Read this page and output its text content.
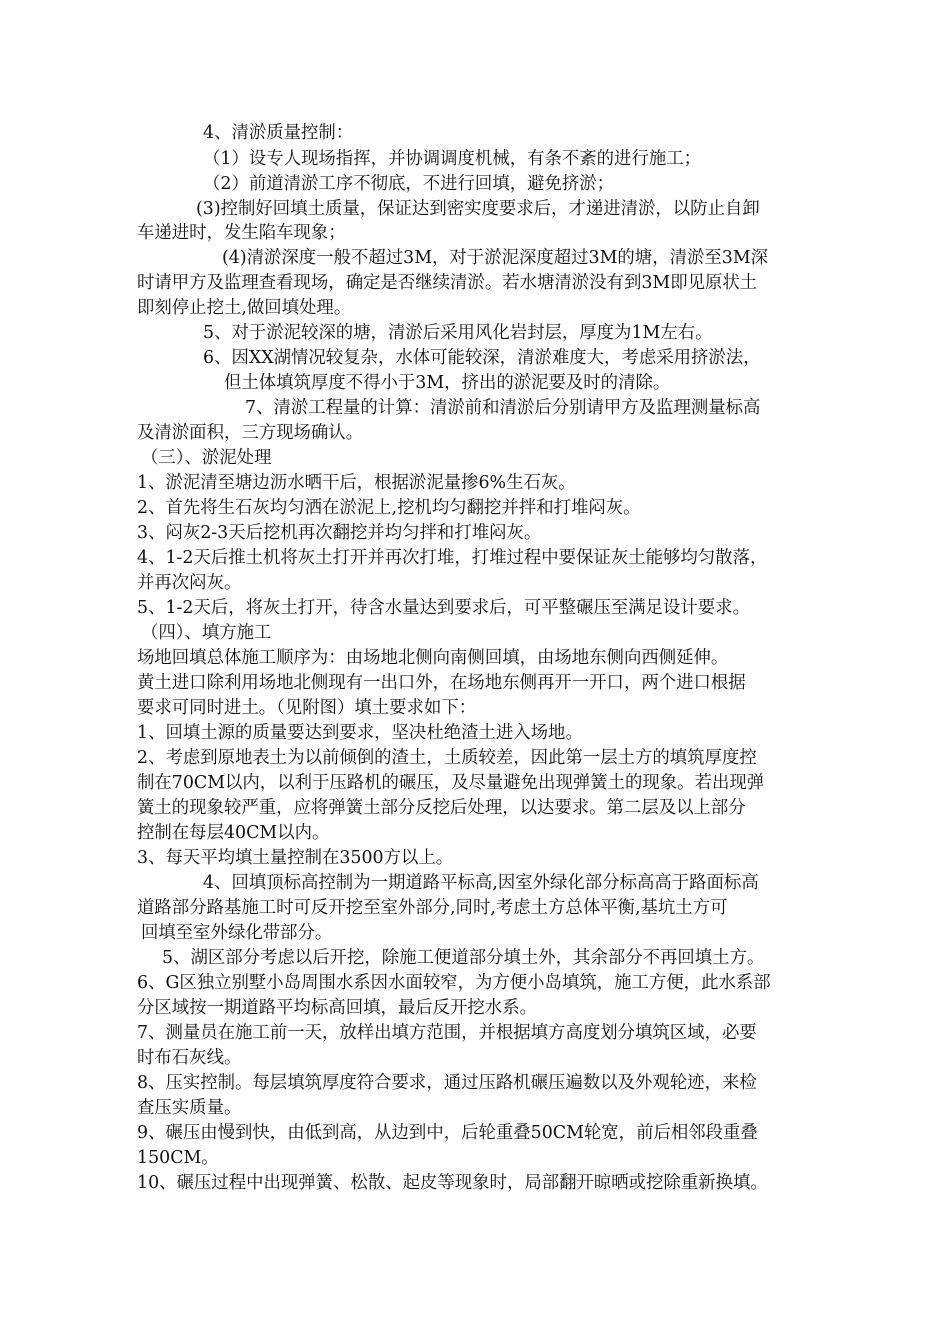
4、清淤质量控制：
（1）设专人现场指挥，并协调调度机械，有条不紊的进行施工；
（2）前道清淤工序不彻底，不进行回填，避免挤淤；
(3)控制好回填土质量，保证达到密实度要求后，才递进清淤，以防止自卸
车递进时，发生陷车现象；
(4)清淤深度一般不超过3M，对于淤泥深度超过3M的塘，清淤至3M深
时请甲方及监理查看现场，确定是否继续清淤。若水塘清淤没有到3M即见原状土
即刻停止挖土,做回填处理。
5、对于淤泥较深的塘，清淤后采用风化岩封层，厚度为1M左右。
6、因XX湖情况较复杂，水体可能较深，清淤难度大，考虑采用挤淤法，
但土体填筑厚度不得小于3M，挤出的淤泥要及时的清除。
7、清淤工程量的计算：清淤前和清淤后分别请甲方及监理测量标高
及清淤面积，三方现场确认。
（三）、淤泥处理
1、淤泥清至塘边沥水晒干后，根据淤泥量掺6%生石灰。
2、首先将生石灰均匀洒在淤泥上,挖机均匀翻挖并拌和打堆闷灰。
3、闷灰2-3天后挖机再次翻挖并均匀拌和打堆闷灰。
4、1-2天后推土机将灰土打开并再次打堆，打堆过程中要保证灰土能够均匀散落，
并再次闷灰。
5、1-2天后，将灰土打开，待含水量达到要求后，可平整碾压至满足设计要求。
（四）、填方施工
场地回填总体施工顺序为：由场地北侧向南侧回填，由场地东侧向西侧延伸。
黄土进口除利用场地北侧现有一出口外，在场地东侧再开一开口，两个进口根据
要求可同时进土。（见附图）填土要求如下：
1、回填土源的质量要达到要求，坚决杜绝渣土进入场地。
2、考虑到原地表土为以前倾倒的渣土，土质较差，因此第一层土方的填筑厚度控
制在70CM以内，以利于压路机的碾压，及尽量避免出现弹簧土的现象。若出现弹
簧土的现象较严重，应将弹簧土部分反挖后处理，以达要求。第二层及以上部分
控制在每层40CM以内。
3、每天平均填土量控制在3500方以上。
4、回填顶标高控制为一期道路平标高,因室外绿化部分标高高于路面标高
道路部分路基施工时可反开挖至室外部分,同时,考虑土方总体平衡,基坑土方可
回填至室外绿化带部分。
5、湖区部分考虑以后开挖，除施工便道部分填土外，其余部分不再回填土方。
6、G区独立别墅小岛周围水系因水面较窄，为方便小岛填筑，施工方便，此水系部
分区域按一期道路平均标高回填，最后反开挖水系。
7、测量员在施工前一天，放样出填方范围，并根据填方高度划分填筑区域，必要
时布石灰线。
8、压实控制。每层填筑厚度符合要求，通过压路机碾压遍数以及外观轮迹，来检
查压实质量。
9、碾压由慢到快，由低到高，从边到中，后轮重叠50CM轮宽，前后相邻段重叠
150CM。
10、碾压过程中出现弹簧、松散、起皮等现象时，局部翻开晾晒或挖除重新换填。
